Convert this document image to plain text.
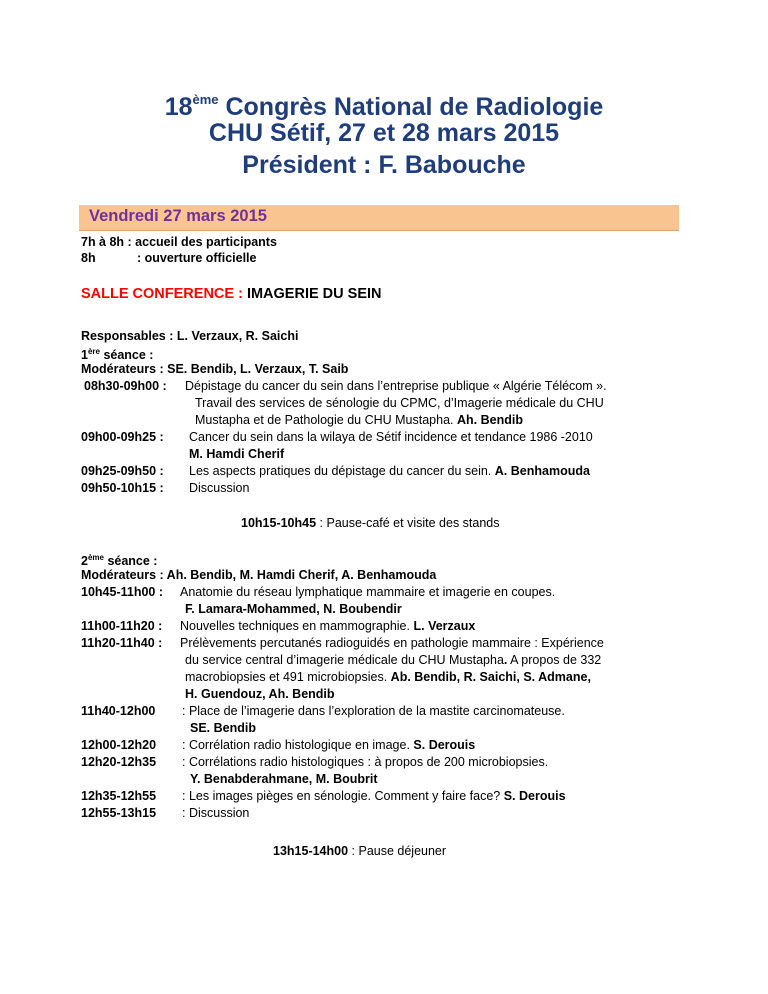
18ème Congrès National de Radiologie
CHU Sétif, 27 et 28 mars 2015
Président : F. Babouche
Vendredi 27 mars 2015
7h à 8h : accueil des participants
8h	: ouverture officielle
SALLE CONFERENCE : IMAGERIE DU SEIN
Responsables : L. Verzaux, R. Saichi
1ère séance :
Modérateurs : SE. Bendib, L. Verzaux, T. Saib
08h30-09h00 : Dépistage du cancer du sein dans l’entreprise publique « Algérie Télécom ».
Travail des services de sénologie du CPMC, d’Imagerie médicale du CHU
Mustapha et de Pathologie du CHU Mustapha. Ah. Bendib
09h00-09h25 : Cancer du sein dans la wilaya de Sétif incidence et tendance 1986 -2010
M. Hamdi Cherif
09h25-09h50 : Les aspects pratiques du dépistage du cancer du sein. A. Benhamouda
09h50-10h15 : Discussion
10h15-10h45 : Pause-café et visite des stands
2ème séance :
Modérateurs : Ah. Bendib, M. Hamdi Cherif, A. Benhamouda
10h45-11h00 : Anatomie du réseau lymphatique mammaire et imagerie en coupes.
F. Lamara-Mohammed, N. Boubendir
11h00-11h20 : Nouvelles techniques en mammographie. L. Verzaux
11h20-11h40 : Prélèvements percutanés radioguidés en pathologie mammaire : Expérience
du service central d’imagerie médicale du CHU Mustapha. A propos de 332
macrobiopsies et 491 microbiopsies. Ab. Bendib, R. Saichi, S. Admane,
H. Guendouz, Ah. Bendib
11h40-12h00 : Place de l’imagerie dans l’exploration de la mastite carcinomateuse.
SE. Bendib
12h00-12h20 : Corrélation radio histologique en image. S. Derouis
12h20-12h35 : Corrélations radio histologiques : à propos de 200 microbiopsies.
Y. Benabderahmane, M. Boubrit
12h35-12h55 : Les images pièges en sénologie. Comment y faire face? S. Derouis
12h55-13h15 : Discussion
13h15-14h00 : Pause déjeuner
